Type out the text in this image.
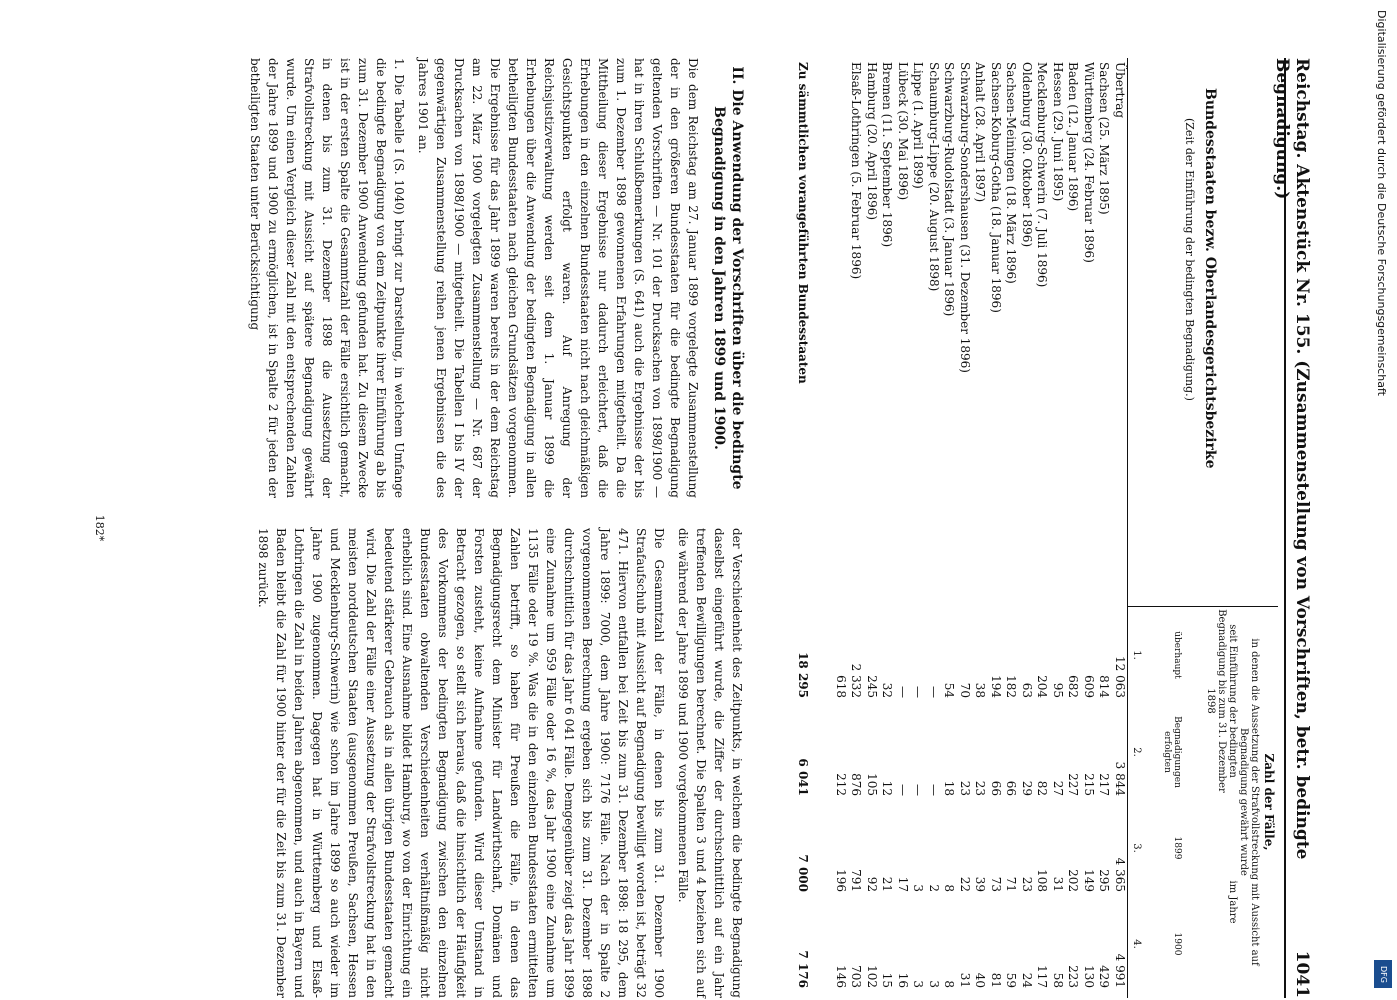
Reichstag. Aktenstück Nr. 155. (Zusammenstellung von Vorschriften, betr. bedingte Begnadigung.)
1041
Bundesstaaten bezw. Oberlandesgerichtsbezirke
(Zeit der Einführung der bedingten Begnadigung.)
Zahl der Fälle,
in denen die Aussetzung der Strafvollstreckung mit Aussicht auf Begnadigung gewährt wurde
seit Einführung der bedingten Begnadigung bis zum 31. Dezember 1898
im Jahre
überhaupt
Begnadigungen erfolgten
1899
1900
1.
2.
3.
4.
Übertrag
12 063
3 844
4 365
4 991
Sachsen (25. März 1895)
814
217
295
429
Württemberg (24. Februar 1896)
609
215
149
130
Baden (12. Januar 1896)
682
227
202
223
Hessen (29. Juni 1895)
95
27
31
58
Mecklenburg-Schwerin (7. Juli 1896)
204
82
108
117
Oldenburg (30. Oktober 1896)
63
29
23
24
Sachsen-Meiningen (18. März 1896)
182
66
71
59
Sachsen-Koburg-Gotha (18. Januar 1896)
194
66
73
81
Anhalt (28. April 1897)
38
23
39
40
Schwarzburg-Sondershausen (31. Dezember 1896)
70
23
22
31
Schwarzburg-Rudolstadt (3. Januar 1896)
54
18
8
8
Schaumburg-Lippe (20. August 1898)
—
—
2
3
Lippe (1. April 1899)
—
—
3
3
Lübeck (30. Mai 1896)
—
—
17
16
Bremen (11. September 1896)
32
12
21
15
Hamburg (20. April 1896)
245
105
92
102
Elsaß-Lothringen (5. Februar 1896)
2 332
876
791
703
618
212
196
146
Zu sämmtlichen vorangeführten Bundesstaaten
18 295
6 041
7 000
7 176
II. Die Anwendung der Vorschriften über die bedingte Begnadigung in den Jahren 1899 und 1900.

Die dem Reichstag am 27. Januar 1899 vorgelegte Zusammenstellung der in den größeren Bundesstaaten für die bedingte Begnadigung geltenden Vorschriften — Nr. 101 der Drucksachen von 1898/1900 — hat in ihren Schlußbemerkungen (S. 641) auch die Ergebnisse der bis zum 1. Dezember 1898 gewonnenen Erfahrungen mitgetheilt. Da die Mittheilung dieser Ergebnisse nur dadurch erleichtert, daß die Erhebungen in den einzelnen Bundesstaaten nicht nach gleichmäßigen Gesichtspunkten erfolgt waren. Auf Anregung der Reichsjustizverwaltung werden seit dem 1. Januar 1899 die Erhebungen über die Anwendung der bedingten Begnadigung in allen betheiligten Bundesstaaten nach gleichen Grundsätzen vorgenommen. Die Ergebnisse für das Jahr 1899 waren bereits in der dem Reichstag am 22. März 1900 vorgelegten Zusammenstellung — Nr. 687 der Drucksachen von 1898/1900 — mitgetheilt. Die Tabellen I bis IV der gegenwärtigen Zusammenstellung reihen jenen Ergebnissen die des Jahres 1901 an.

1. Die Tabelle I (S. 1040) bringt zur Darstellung, in welchem Umfange die bedingte Begnadigung von dem Zeitpunkte ihrer Einführung ab bis zum 31. Dezember 1900 Anwendung gefunden hat. Zu diesem Zwecke ist in der ersten Spalte die Gesammtzahl der Fälle ersichtlich gemacht, in denen bis zum 31. Dezember 1898 die Aussetzung der Strafvollstreckung mit Aussicht auf spätere Begnadigung gewährt wurde. Um einen Vergleich dieser Zahl mit den entsprechenden Zahlen der Jahre 1899 und 1900 zu ermöglichen, ist in Spalte 2 für jeden der betheiligten Staaten unter Berücksichtigung

der Verschiedenheit des Zeitpunkts, in welchem die bedingte Begnadigung daselbst eingeführt wurde, die Ziffer der durchschnittlich auf ein Jahr treffenden Bewilligungen berechnet. Die Spalten 3 und 4 beziehen sich auf die während der Jahre 1899 und 1900 vorgekommenen Fälle.

Die Gesammtzahl der Fälle, in denen bis zum 31. Dezember 1900 Strafaufschub mit Aussicht auf Begnadigung bewilligt worden ist, beträgt 32 471. Hiervon entfallen bei Zeit bis zum 31. Dezember 1898: 18 295, dem Jahre 1899: 7000, dem Jahre 1900: 7176 Fälle. Nach der in Spalte 2 vorgenommenen Berechnung ergeben sich bis zum 31. Dezember 1898 durchschnittlich für das Jahr 6 041 Fälle. Demgegenüber zeigt das Jahr 1899 eine Zunahme um 959 Fälle oder 16 %, das Jahr 1900 eine Zunahme um 1135 Fälle oder 19 %. Was die in den einzelnen Bundesstaaten ermittelten Zahlen betrifft, so haben für Preußen die Fälle, in denen das Begnadigungsrecht dem Minister für Landwirthschaft, Domänen und Forsten zusteht, keine Aufnahme gefunden. Wird dieser Umstand in Betracht gezogen, so stellt sich heraus, daß die hinsichtlich der Häufigkeit des Vorkommens der bedingten Begnadigung zwischen den einzelnen Bundesstaaten obwaltenden Verschiedenheiten verhältnißmäßig nicht erheblich sind. Eine Ausnahme bildet Hamburg, wo von der Einrichtung ein bedeutend stärkerer Gebrauch als in allen übrigen Bundesstaaten gemacht wird. Die Zahl der Fälle einer Aussetzung der Strafvollstreckung hat in den meisten norddeutschen Staaten (ausgenommen Preußen, Sachsen, Hessen und Mecklenburg-Schwerin) wie schon im Jahre 1899 so auch wieder im Jahre 1900 zugenommen. Dagegen hat in Württemberg und Elsaß-Lothringen die Zahl in beiden Jahren abgenommen, und auch in Bayern und Baden bleibt die Zahl für 1900 hinter der für die Zeit bis zum 31. Dezember 1898 zurück.

182*
Digitalisierung gefördert durch die Deutsche Forschungsgemeinschaft
DFG
